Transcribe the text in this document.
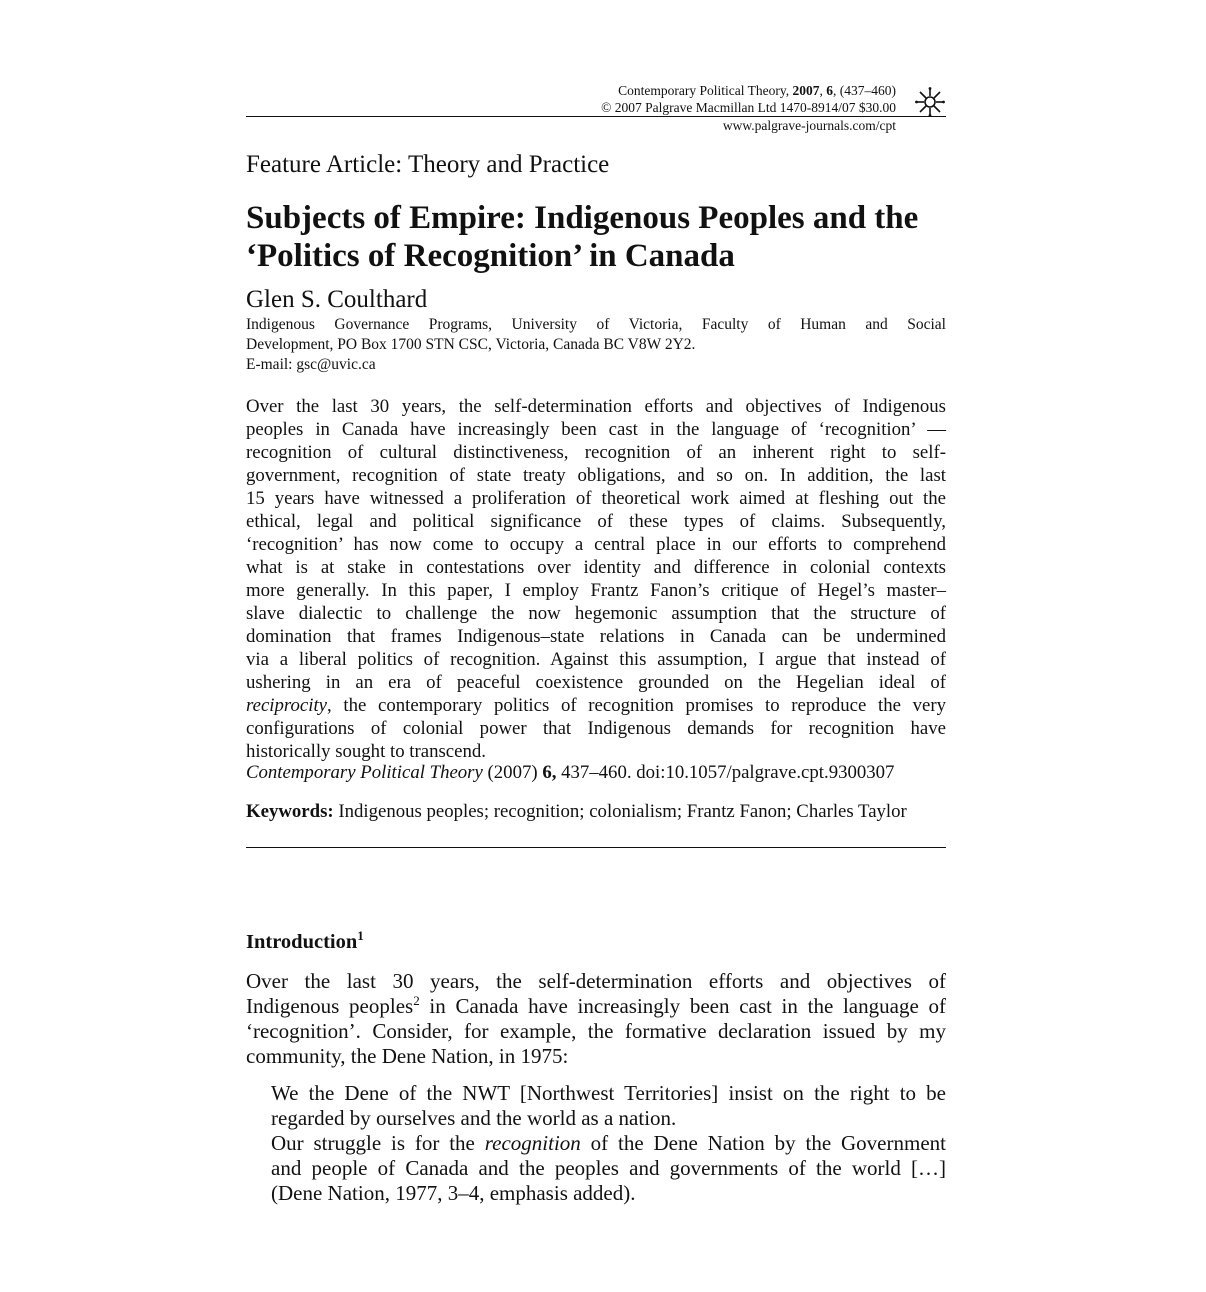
Contemporary Political Theory, 2007, 6, (437–460)
© 2007 Palgrave Macmillan Ltd 1470-8914/07 $30.00
www.palgrave-journals.com/cpt
Feature Article: Theory and Practice
Subjects of Empire: Indigenous Peoples and the
‘Politics of Recognition’ in Canada
Glen S. Coulthard
Indigenous Governance Programs, University of Victoria, Faculty of Human and Social
Development, PO Box 1700 STN CSC, Victoria, Canada BC V8W 2Y2.
E-mail: gsc@uvic.ca
Over the last 30 years, the self-determination efforts and objectives of Indigenous
peoples in Canada have increasingly been cast in the language of ‘recognition’ —
recognition of cultural distinctiveness, recognition of an inherent right to self-
government, recognition of state treaty obligations, and so on. In addition, the last
15 years have witnessed a proliferation of theoretical work aimed at fleshing out the
ethical, legal and political significance of these types of claims. Subsequently,
‘recognition’ has now come to occupy a central place in our efforts to comprehend
what is at stake in contestations over identity and difference in colonial contexts
more generally. In this paper, I employ Frantz Fanon’s critique of Hegel’s master–
slave dialectic to challenge the now hegemonic assumption that the structure of
domination that frames Indigenous–state relations in Canada can be undermined
via a liberal politics of recognition. Against this assumption, I argue that instead of
ushering in an era of peaceful coexistence grounded on the Hegelian ideal of
reciprocity, the contemporary politics of recognition promises to reproduce the very
configurations of colonial power that Indigenous demands for recognition have
historically sought to transcend.
Contemporary Political Theory (2007) 6, 437–460. doi:10.1057/palgrave.cpt.9300307
Keywords: Indigenous peoples; recognition; colonialism; Frantz Fanon; Charles Taylor
Introduction$^1$
Over the last 30 years, the self-determination efforts and objectives of
Indigenous peoples$^2$ in Canada have increasingly been cast in the language of
‘recognition’. Consider, for example, the formative declaration issued by my
community, the Dene Nation, in 1975:
We the Dene of the NWT [Northwest Territories] insist on the right to be
regarded by ourselves and the world as a nation.
Our struggle is for the recognition of the Dene Nation by the Government
and people of Canada and the peoples and governments of the world […]
(Dene Nation, 1977, 3–4, emphasis added).
